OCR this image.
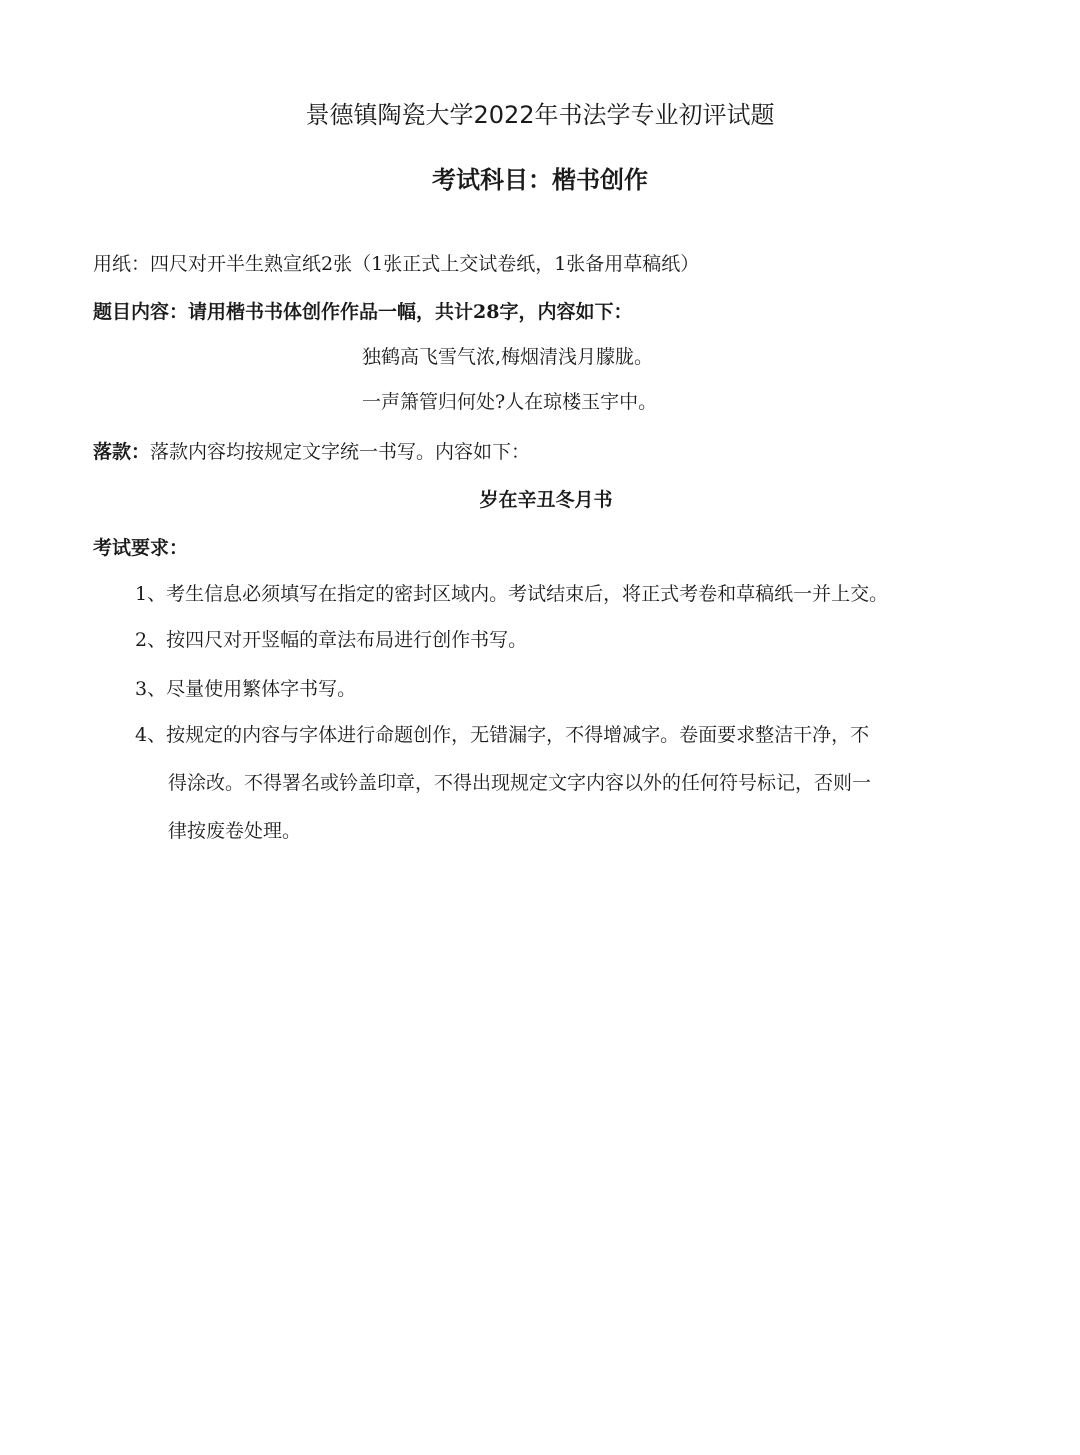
景德镇陶瓷大学2022年书法学专业初评试题
考试科目：楷书创作
用纸：四尺对开半生熟宣纸2张（1张正式上交试卷纸，1张备用草稿纸）
题目内容：请用楷书书体创作作品一幅，共计28字，内容如下：
独鹤高飞雪气浓,梅烟清浅月朦胧。
一声箫管归何处?人在琼楼玉宇中。
落款：落款内容均按规定文字统一书写。内容如下：
岁在辛丑冬月书
考试要求：
1、考生信息必须填写在指定的密封区域内。考试结束后，将正式考卷和草稿纸一并上交。
2、按四尺对开竖幅的章法布局进行创作书写。
3、尽量使用繁体字书写。
4、按规定的内容与字体进行命题创作，无错漏字，不得增减字。卷面要求整洁干净，不
得涂改。不得署名或钤盖印章，不得出现规定文字内容以外的任何符号标记，否则一
律按废卷处理。
